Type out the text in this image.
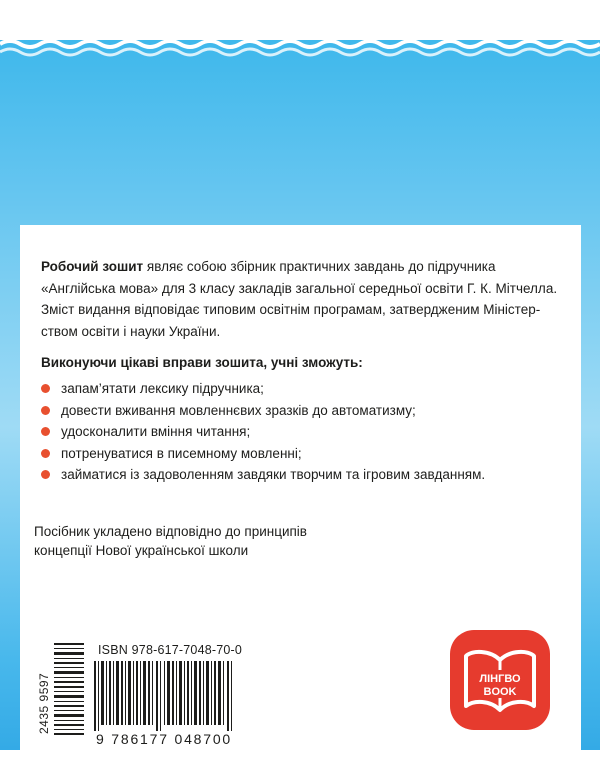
Робочий зошит являє собою збірник практичних завдань до підручника
«Англійська мова» для 3 класу закладів загальної середньої освіти Г. К. Мітчелла.
Зміст видання відповідає типовим освітнім програмам, затвердженим Міністер-
ством освіти і науки України.
Виконуючи цікаві вправи зошита, учні зможуть:
запам’ятати лексику підручника;
довести вживання мовленнєвих зразків до автоматизму;
удосконалити вміння читання;
потренуватися в писемному мовленні;
займатися із задоволенням завдяки творчим та ігровим завданням.
Посібник укладено відповідно до принципів
концепції Нової української школи
2435 9597
ISBN 978-617-7048-70-0
9 786177 048700
ЛІНГВО
BOOK
